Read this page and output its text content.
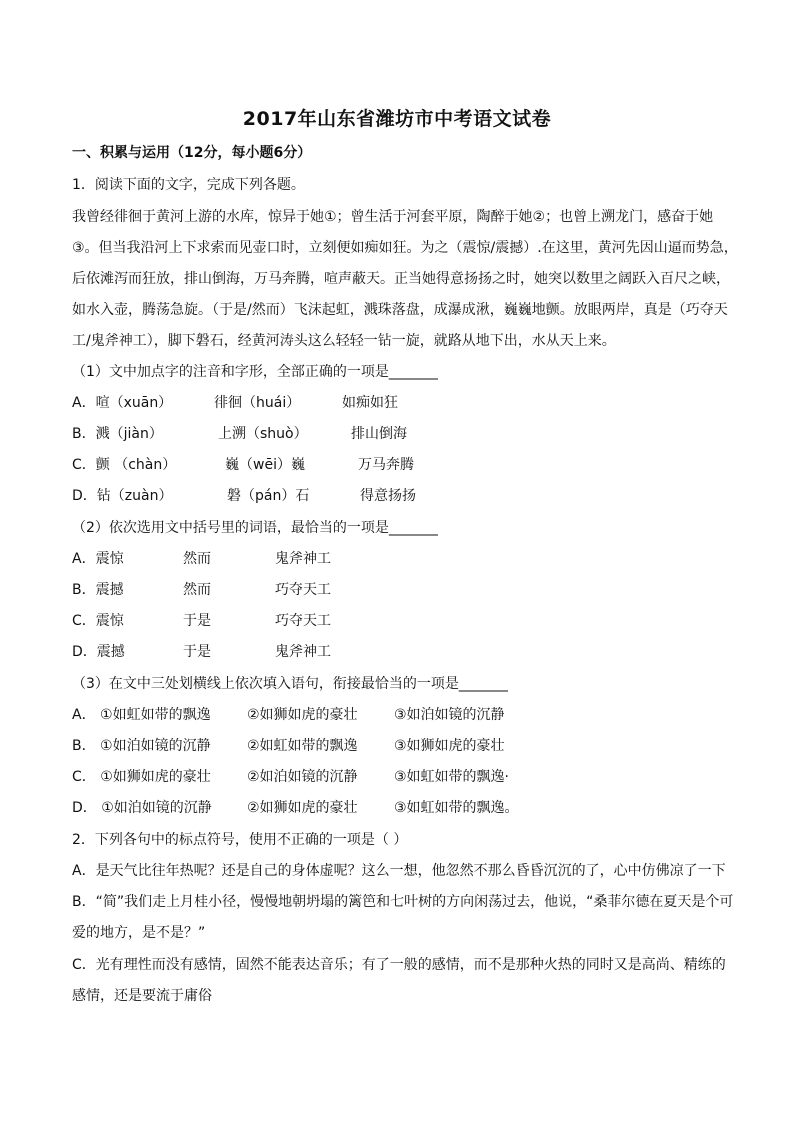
2017年山东省潍坊市中考语文试卷
一、积累与运用（12分，每小题6分）
1．阅读下面的文字，完成下列各题。
我曾经徘徊于黄河上游的水库，惊异于她①；曾生活于河套平原，陶醉于她②；也曾上溯龙门，感奋于她
③。但当我沿河上下求索而见壶口时，立刻便如痴如狂。为之（震惊/震撼）.在这里，黄河先因山逼而势急，
后依滩泻而狂放，排山倒海，万马奔腾，喧声蔽天。正当她得意扬扬之时，她突以数里之阔跃入百尺之峡，
如水入壶，腾荡急旋。（于是/然而）飞沫起虹，溅珠落盘，成瀑成湫，巍巍地颤。放眼两岸，真是（巧夺天
工/鬼斧神工），脚下磐石，经黄河涛头这么轻轻一钻一旋，就路从地下出，水从天上来。
（1）文中加点字的注音和字形，全部正确的一项是_______
A．喧（xuān）	徘徊（huái）	如痴如狂
B．溅（jiàn）	上溯（shuò）	排山倒海
C．颤 （chàn）	巍（wēi）巍	万马奔腾
D．钻（zuàn）	磐（pán）石	得意扬扬
（2）依次选用文中括号里的词语，最恰当的一项是_______
A．震惊	然而	鬼斧神工
B．震撼	然而	巧夺天工
C．震惊	于是	巧夺天工
D．震撼	于是	鬼斧神工
（3）在文中三处划横线上依次填入语句，衔接最恰当的一项是_______
A． ①如虹如带的飘逸	②如狮如虎的豪壮	③如泊如镜的沉静
B． ①如泊如镜的沉静	②如虹如带的飘逸	③如狮如虎的豪壮
C． ①如狮如虎的豪壮	②如泊如镜的沉静	③如虹如带的飘逸·
D． ①如泊如镜的沉静	②如狮如虎的豪壮	③如虹如带的飘逸。
2．下列各句中的标点符号，使用不正确的一项是（ ）
A．是天气比往年热呢？还是自己的身体虚呢？这么一想，他忽然不那么昏昏沉沉的了，心中仿佛凉了一下
B．“简”我们走上月桂小径，慢慢地朝坍塌的篱笆和七叶树的方向闲荡过去，他说，“桑菲尔德在夏天是个可
爱的地方，是不是？”
C．光有理性而没有感情，固然不能表达音乐；有了一般的感情，而不是那种火热的同时又是高尚、精练的
感情，还是要流于庸俗
